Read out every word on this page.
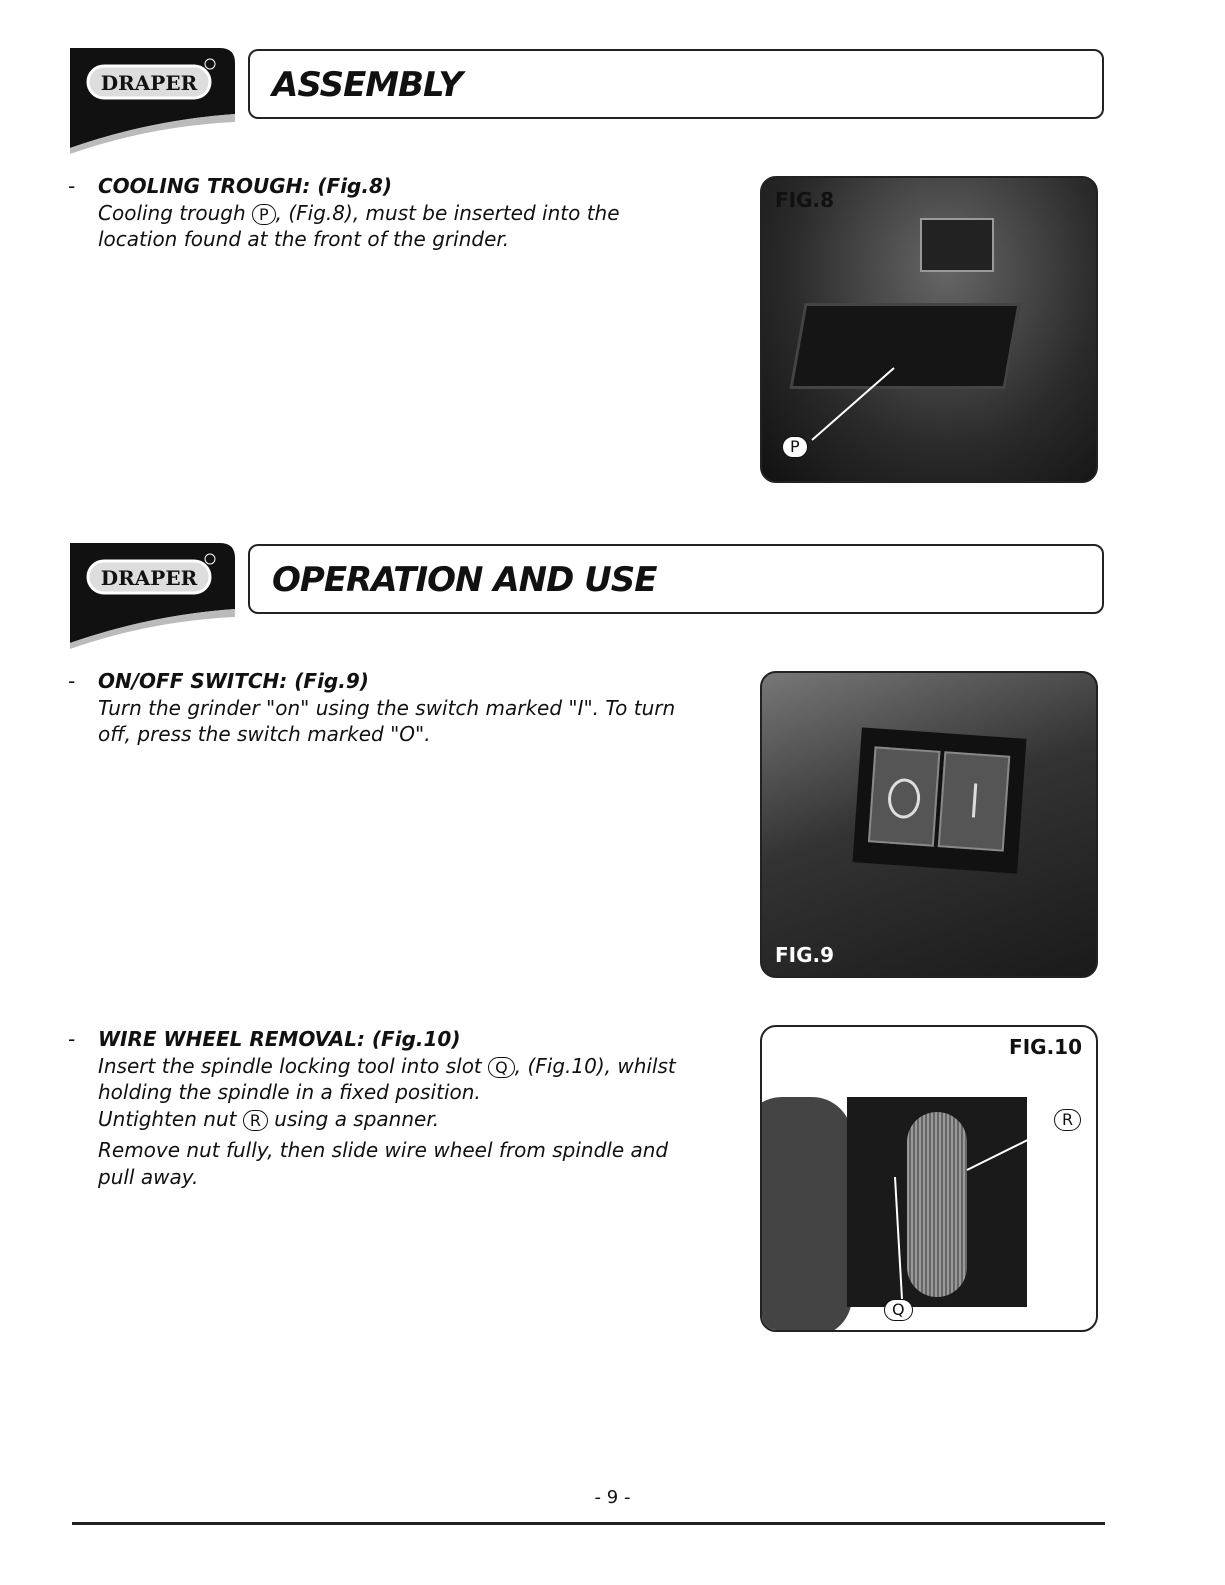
DRAPER
DRAPER
ASSEMBLY
OPERATION AND USE
-	COOLING TROUGH: (Fig.8)
Cooling trough P , (Fig.8), must be inserted into the location found at the front of the grinder.
FIG.8
P
-	ON/OFF SWITCH: (Fig.9)
Turn the grinder "on" using the switch marked "I". To turn off, press the switch marked "O".
FIG.9
-	WIRE WHEEL REMOVAL: (Fig.10)
Insert the spindle locking tool into slot Q , (Fig.10), whilst holding the spindle in a fixed position.
Untighten nut R using a spanner.
Remove nut fully, then slide wire wheel from spindle and pull away.
FIG.10
R
Q
- 9 -
